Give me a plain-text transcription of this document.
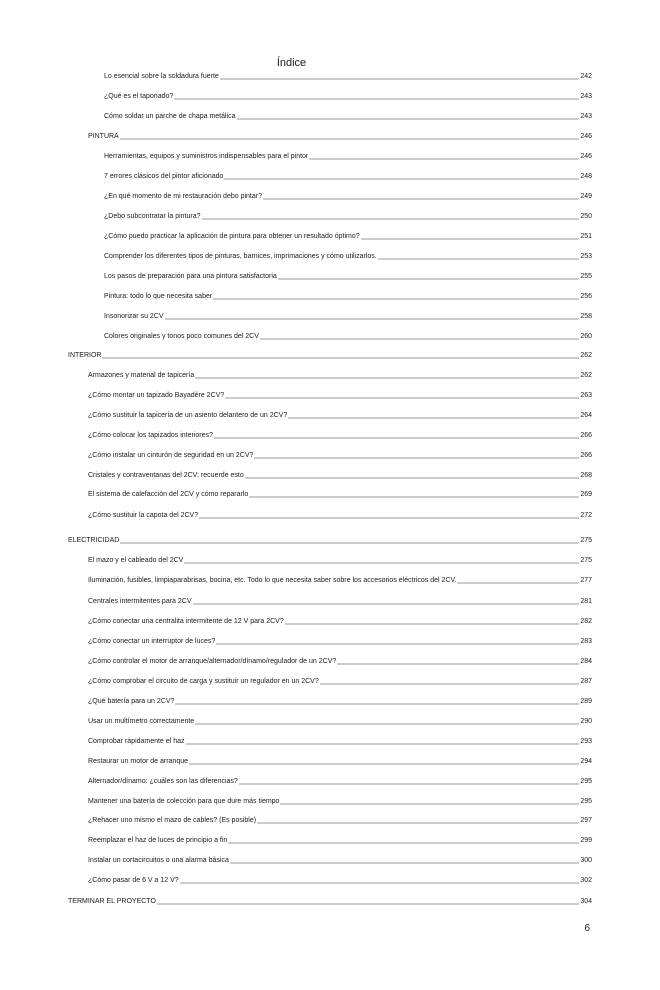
Índice
Lo esencial sobre la soldadura fuerte	242
¿Qué es el taponado?	243
Cómo soldar un parche de chapa metálica	243
PINTURA	246
Herramientas, equipos y suministros indispensables para el pintor	246
7 errores clásicos del pintor aficionado	248
¿En qué momento de mi restauración debo pintar?	249
¿Debo subcontratar la pintura?	250
¿Cómo puedo practicar la aplicación de pintura para obtener un resultado óptimo?	251
Comprender los diferentes tipos de pinturas, barnices, imprimaciones y cómo utilizarlos.	253
Los pasos de preparación para una pintura satisfactoria	255
Pintura: todo lo que necesita saber	256
Insonorizar su 2CV	258
Colores originales y tonos poco comunes del 2CV	260
INTERIOR	262
Armazones y material de tapicería	262
¿Cómo montar un tapizado Bayadère 2CV?	263
¿Cómo sustituir la tapicería de un asiento delantero de un 2CV?	264
¿Cómo colocar los tapizados interiores?	266
¿Cómo instalar un cinturón de seguridad en un 2CV?	266
Cristales y contraventanas del 2CV: recuerde esto	268
El sistema de calefacción del 2CV y cómo repararlo	269
¿Cómo sustituir la capota del 2CV?	272
ELECTRICIDAD	275
El mazo y el cableado del 2CV	275
Iluminación, fusibles, limpiaparabrisas, bocina, etc. Todo lo que necesita saber sobre los accesorios eléctricos del 2CV.	277
Centrales intermitentes para 2CV	281
¿Cómo conectar una centralita intermitente de 12 V para 2CV?	282
¿Cómo conectar un interruptor de luces?	283
¿Cómo controlar el motor de arranque/alternador/dínamo/regulador de un 2CV?	284
¿Cómo comprobar el circuito de carga y sustituir un regulador en un 2CV?	287
¿Qué batería para un 2CV?	289
Usar un multímetro correctamente	290
Comprobar rápidamente el haz	293
Restaurar un motor de arranque	294
Alternador/dínamo: ¿cuáles son las diferencias?	295
Mantener una batería de colección para que dure más tiempo	295
¿Rehacer uno mismo el mazo de cables? (Es posible)	297
Reemplazar el haz de luces de principio a fin	299
Instalar un cortacircuitos o una alarma básica	300
¿Cómo pasar de 6 V a 12 V?	302
TERMINAR EL PROYECTO	304
6
